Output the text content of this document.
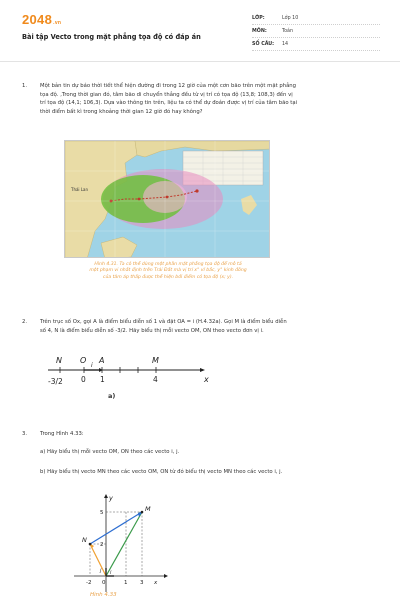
2048.vn
Bài tập Vecto trong mặt phẳng tọa độ có đáp án
LỚP:	Lớp 10
MÔN:	Toán
SỐ CÂU:	14
1. Một bản tin dự báo thời tiết thể hiện đường đi trong 12 giờ của một cơn bão trên một mặt phẳng
tọa độ. ,Trong thời gian đó, tâm bão di chuyển thẳng đều từ vị trí có tọa độ (13,8; 108,3) đến vị
trí tọa độ (14,1; 106,3). Dựa vào thông tin trên, liệu ta có thể dự đoán được vị trí của tâm bão tại
thời điểm bất kì trong khoảng thời gian 12 giờ đó hay không?
Thái Lan
Hình 4.31. Ta có thể dùng một phần mặt phẳng tọa độ để mô tả
một phạm vi nhất định trên Trái Đất mà vị trí x° vĩ bắc, y° kinh đông
của tâm áp thấp được thể hiện bởi điểm có tọa độ (x; y).
2. Trên trục số Ox, gọi A là điểm biểu diễn số 1 và đặt OA = i (H.4.32a). Gọi M là điểm biểu diễn
số 4, N là điểm biểu diễn số -3/2. Hãy biểu thị mỗi vecto OM, ON theo vecto đơn vị i.
N O A	M
x
-3/2 0 1	4
i
a)
3. Trong Hình 4.33:
a) Hãy biểu thị mỗi vecto OM, ON theo các vecto i, j.
b) Hãy biểu thị vecto MN theo các vecto OM, ON từ đó biểu thị vecto MN theo các vecto i, j.
M
N
y
i
j
5
2
-2 0	1 3 x
Hình 4.33
